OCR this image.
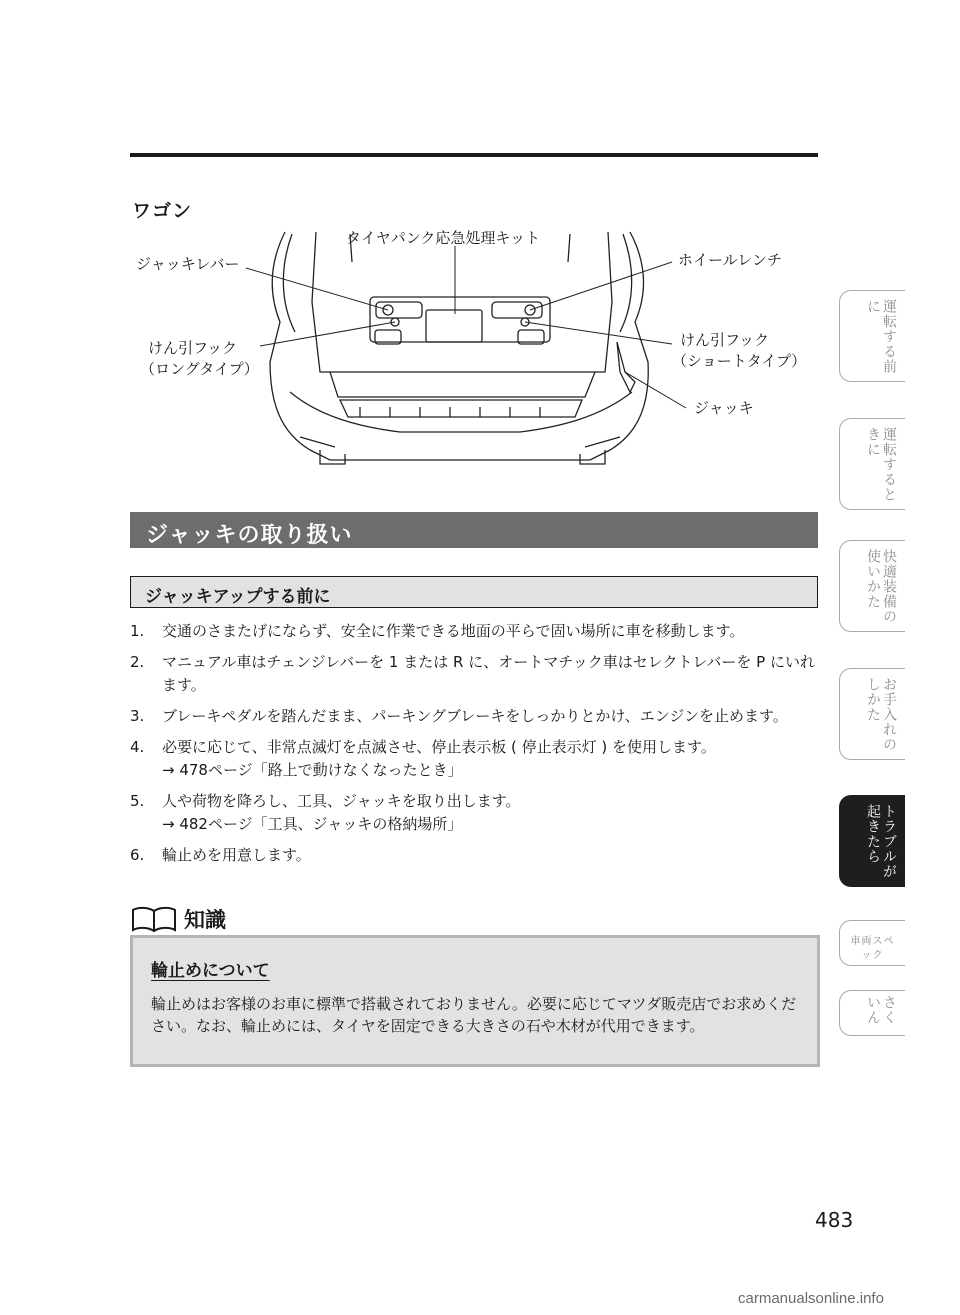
ワゴン
タイヤパンク応急処理キット
ジャッキレバー	ホイールレンチ
けん引フック
（ロングタイプ）
けん引フック
（ショートタイプ）
ジャッキ
ジャッキの取り扱い
ジャッキアップする前に
1. 交通のさまたげにならず、安全に作業できる地面の平らで固い場所に車を移動します。
2. マニュアル車はチェンジレバーを 1 または R に、オートマチック車はセレクトレバーを P にいれます。
3. ブレーキペダルを踏んだまま、パーキングブレーキをしっかりとかけ、エンジンを止めます。
4. 必要に応じて、非常点滅灯を点滅させ、停止表示板 ( 停止表示灯 ) を使用します。
→ 478ページ「路上で動けなくなったとき」
5. 人や荷物を降ろし、工具、ジャッキを取り出します。
→ 482ページ「工具、ジャッキの格納場所」
6. 輪止めを用意します。
知識
輪止めについて
輪止めはお客様のお車に標準で搭載されておりません。必要に応じてマツダ販売店でお求めください。なお、輪止めには、タイヤを固定できる大きさの石や木材が代用できます。
運転する前に
運転するときに
快適装備の使いかた
お手入れのしかた
トラブルが起きたら
車両スペック
さくいん
483
carmanualsonline.info
